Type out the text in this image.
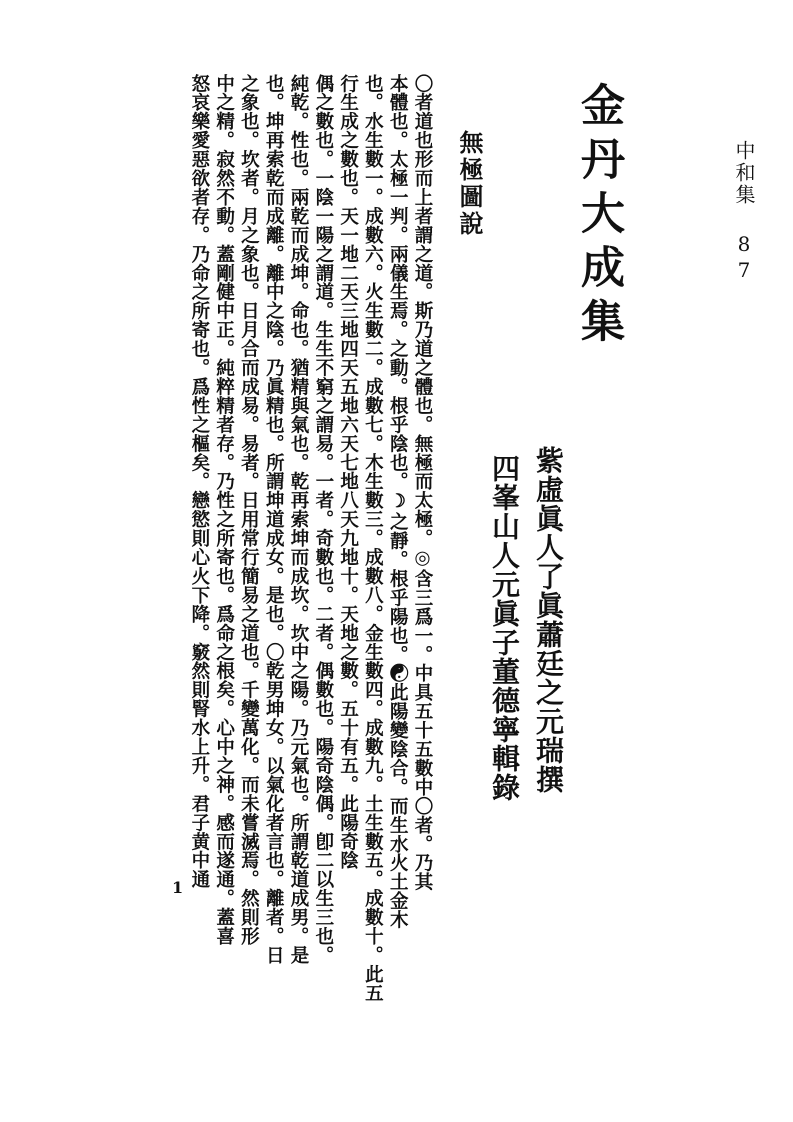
中和集 87
金丹大成集
紫虛眞人了眞蕭廷之元瑞撰
四峯山人元眞子董德寧輯錄
無極圖說
〇者道也形而上者謂之道。斯乃道之體也。無極而太極。◎含三爲一。中具五十五數中〇者。乃其
本體也。太極一判。兩儀生焉。之動。根乎陰也。☽之靜。根乎陽也。☯此陽變陰合。而生水火土金木
也。水生數一。成數六。火生數二。成數七。木生數三。成數八。金生數四。成數九。土生數五。成數十。此五
行生成之數也。天一地二天三地四天五地六天七地八天九地十。天地之數。五十有五。此陽奇陰
偶之數也。一陰一陽之謂道。生生不窮之謂易。一者。奇數也。二者。偶數也。陽奇陰偶。卽二以生三也。
純乾。性也。兩乾而成坤。命也。猶精與氣也。乾再索坤而成坎。坎中之陽。乃元氣也。所謂乾道成男。是
也。坤再索乾而成離。離中之陰。乃眞精也。所謂坤道成女。是也。〇乾男坤女。以氣化者言也。離者。日
之象也。坎者。月之象也。日月合而成易。易者。日用常行簡易之道也。千變萬化。而未嘗滅焉。然則形
中之精。寂然不動。蓋剛健中正。純粹精者存。乃性之所寄也。爲命之根矣。心中之神。感而遂通。蓋喜
怒哀樂愛惡欲者存。乃命之所寄也。爲性之樞矣。戀慾則心火下降。竅然則腎水上升。君子黄中通
1
